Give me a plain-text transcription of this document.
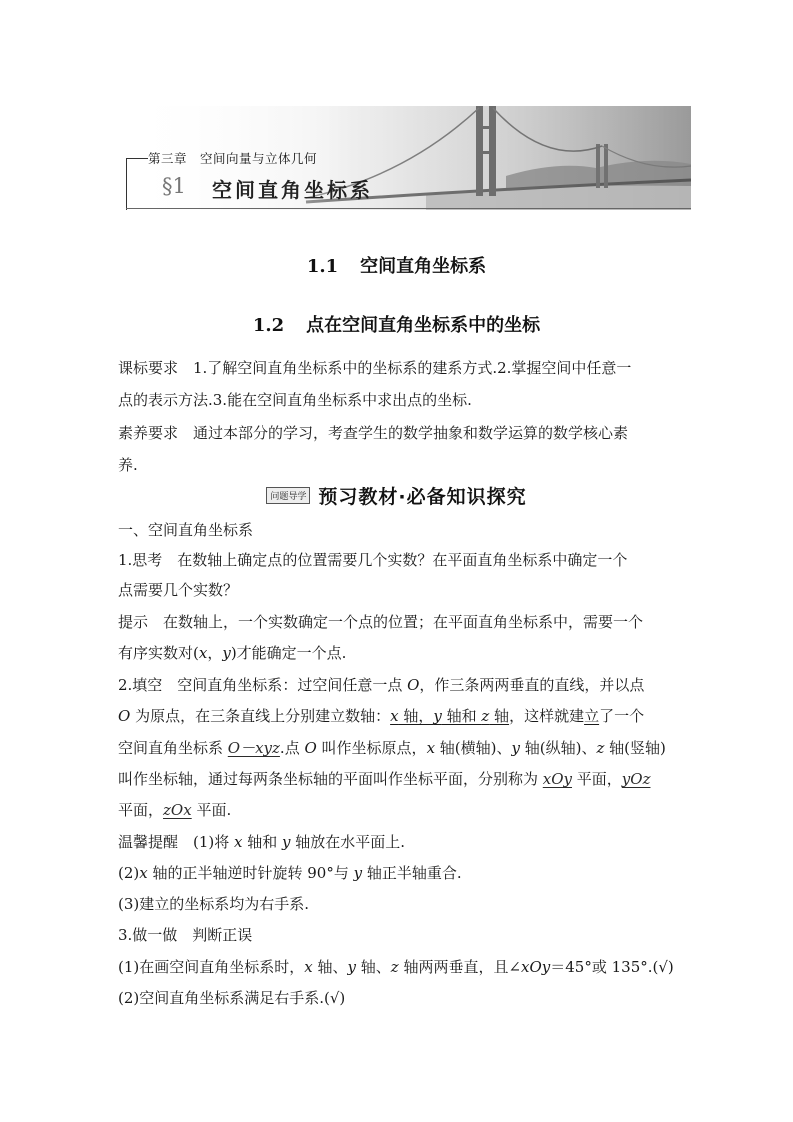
第三章　空间向量与立体几何
§1 空间直角坐标系
1.1 空间直角坐标系
1.2 点在空间直角坐标系中的坐标
课标要求　1.了解空间直角坐标系中的坐标系的建系方式.2.掌握空间中任意一
点的表示方法.3.能在空间直角坐标系中求出点的坐标.
素养要求　通过本部分的学习，考查学生的数学抽象和数学运算的数学核心素
养.
问题导学 预习教材·必备知识探究
一、空间直角坐标系
1.思考　在数轴上确定点的位置需要几个实数？在平面直角坐标系中确定一个
点需要几个实数？
提示　在数轴上，一个实数确定一个点的位置；在平面直角坐标系中，需要一个
有序实数对(x，y)才能确定一个点.
2.填空　空间直角坐标系：过空间任意一点 O，作三条两两垂直的直线，并以点
O 为原点，在三条直线上分别建立数轴：x 轴，y 轴和 z 轴，这样就建立了一个
空间直角坐标系 O－xyz.点 O 叫作坐标原点，x 轴(横轴)、y 轴(纵轴)、z 轴(竖轴)
叫作坐标轴，通过每两条坐标轴的平面叫作坐标平面，分别称为 xOy 平面，yOz
平面，zOx 平面.
温馨提醒　(1)将 x 轴和 y 轴放在水平面上.
(2)x 轴的正半轴逆时针旋转 90°与 y 轴正半轴重合.
(3)建立的坐标系均为右手系.
3.做一做　判断正误
(1)在画空间直角坐标系时，x 轴、y 轴、z 轴两两垂直，且∠xOy＝45°或 135°.(√)
(2)空间直角坐标系满足右手系.(√)
